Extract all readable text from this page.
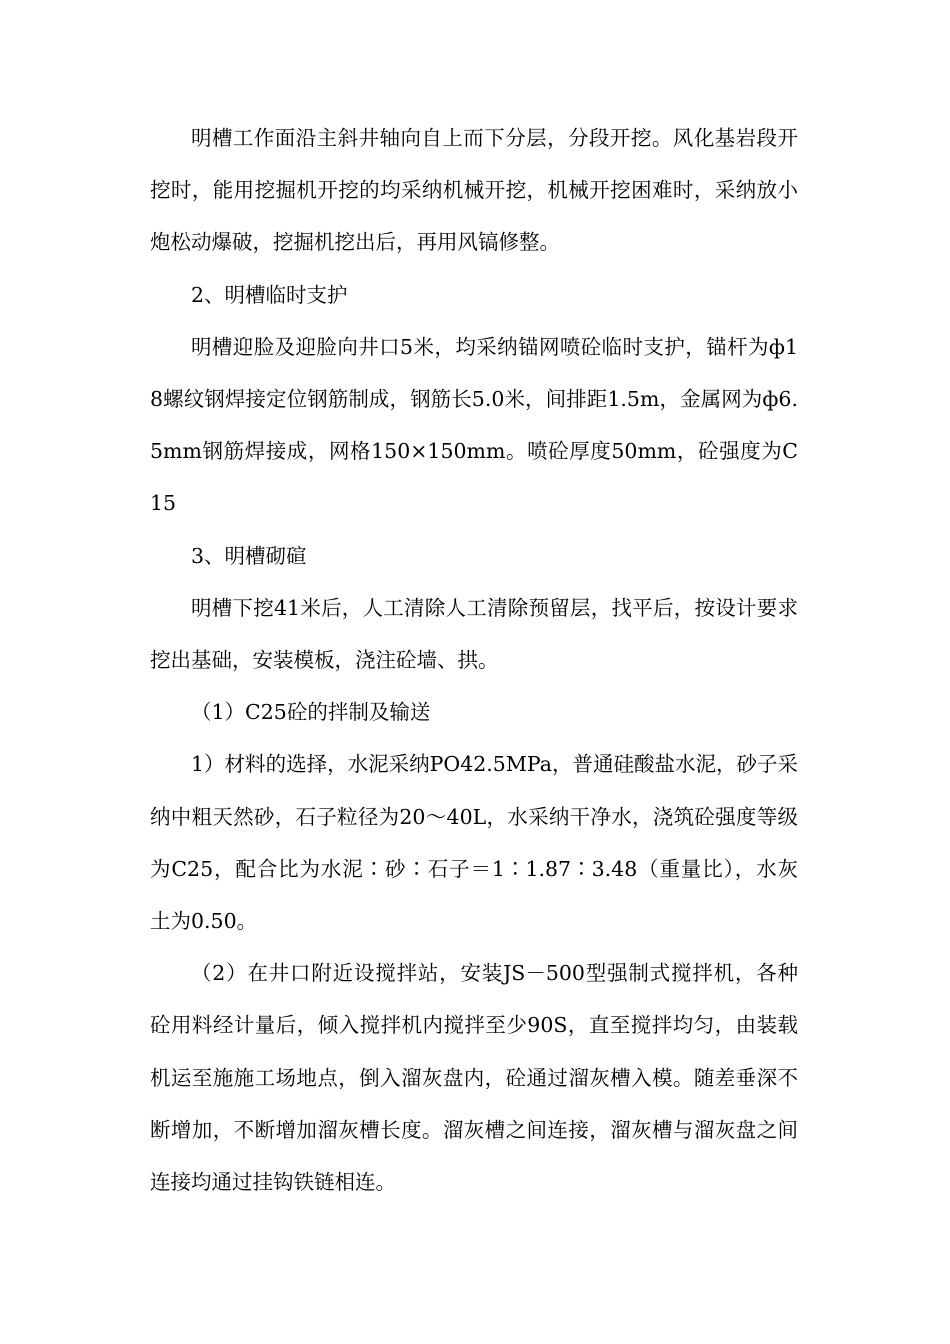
明槽工作面沿主斜井轴向自上而下分层，分段开挖。风化基岩段开挖时，能用挖掘机开挖的均采纳机械开挖，机械开挖困难时，采纳放小炮松动爆破，挖掘机挖出后，再用风镐修整。

2、明槽临时支护

明槽迎脸及迎脸向井口5米，均采纳锚网喷砼临时支护，锚杆为ф18螺纹钢焊接定位钢筋制成，钢筋长5.0米，间排距1.5m，金属网为ф6.5mm钢筋焊接成，网格150×150mm。喷砼厚度50mm，砼强度为C15

3、明槽砌碹

明槽下挖41米后，人工清除人工清除预留层，找平后，按设计要求挖出基础，安装模板，浇注砼墙、拱。

（1）C25砼的拌制及输送

1）材料的选择，水泥采纳PO42.5MPa，普通硅酸盐水泥，砂子采纳中粗天然砂，石子粒径为20～40L，水采纳干净水，浇筑砼强度等级为C25，配合比为水泥∶砂∶石子＝1∶1.87∶3.48（重量比），水灰土为0.50。

（2）在井口附近设搅拌站，安装JS－500型强制式搅拌机，各种砼用料经计量后，倾入搅拌机内搅拌至少90S，直至搅拌均匀，由装载机运至施施工场地点，倒入溜灰盘内，砼通过溜灰槽入模。随差垂深不断增加，不断增加溜灰槽长度。溜灰槽之间连接，溜灰槽与溜灰盘之间连接均通过挂钩铁链相连。
